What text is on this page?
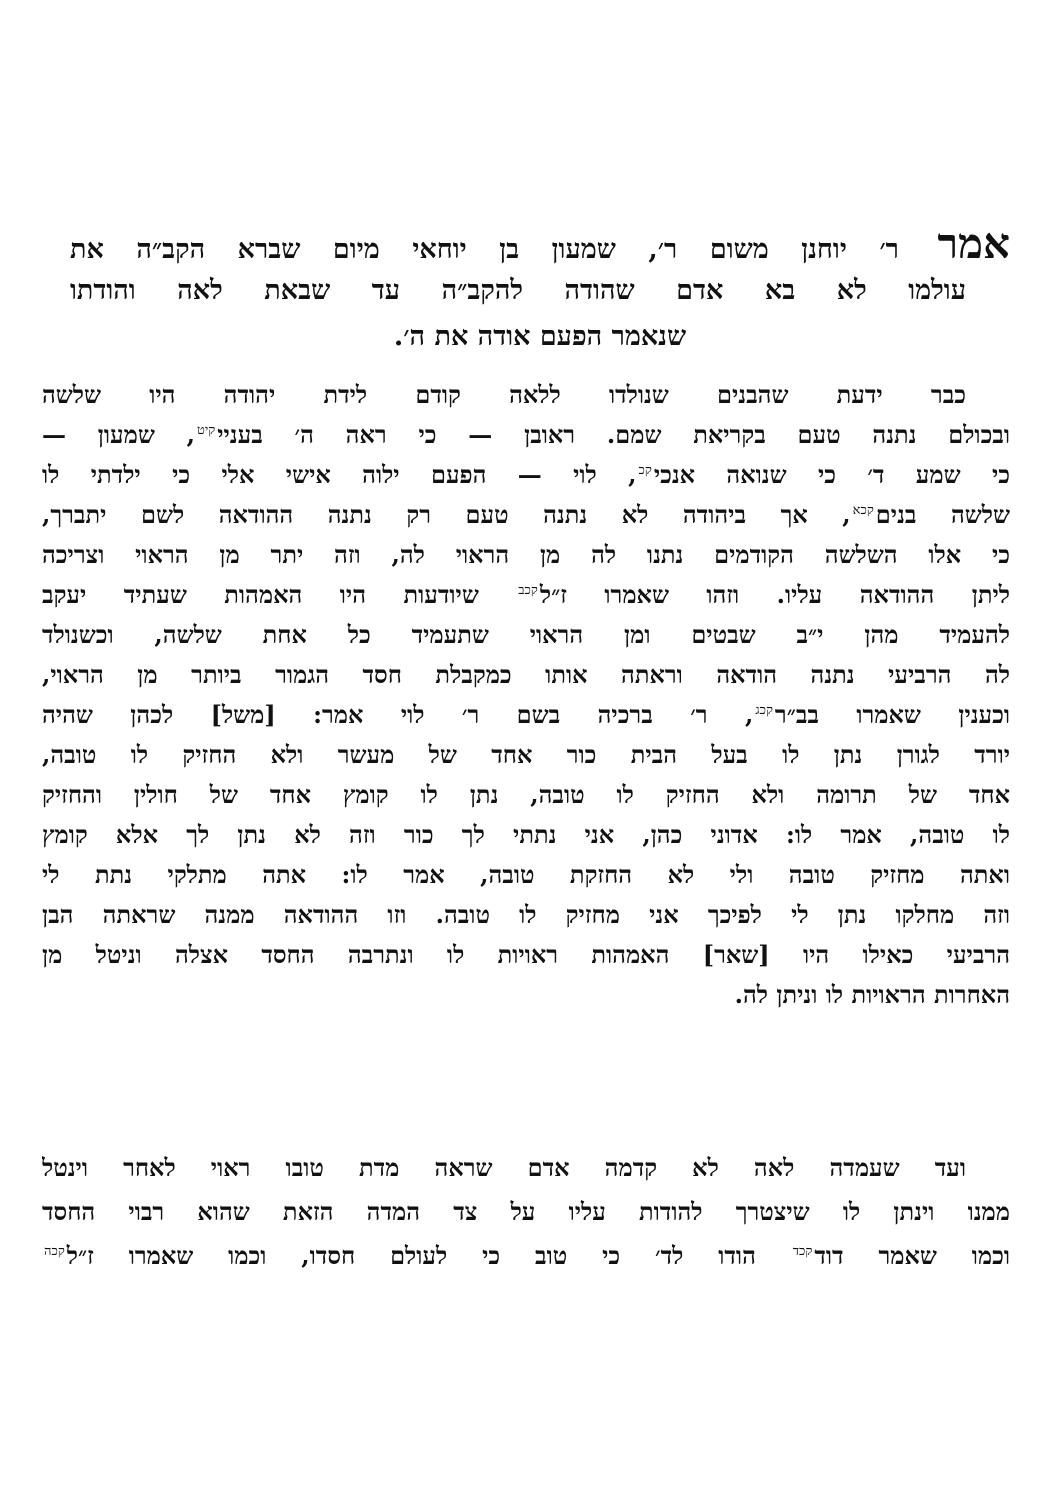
אמר ר׳ יוחנן משום ר׳, שמעון בן יוחאי מיום שברא הקב״ה את
עולמו לא בא אדם שהודה להקב״ה עד שבאת לאה והודתו
שנאמר הפעם אודה את ה׳.
כבר ידעת שהבנים שנולדו ללאה קודם לידת יהודה היו שלשה
ובכולם נתנה טעם בקריאת שמם. ראובן — כי ראה ה׳ בעניי$^{קיט}$, שמעון —
כי שמע ד׳ כי שנואה אנכי$^{קכ}$, לוי — הפעם ילוה אישי אלי כי ילדתי לו
שלשה בנים$^{קכא}$, אך ביהודה לא נתנה טעם רק נתנה ההודאה לשם יתברך,
כי אלו השלשה הקודמים נתנו לה מן הראוי לה, וזה יתר מן הראוי וצריכה
ליתן ההודאה עליו. וזהו שאמרו ז״ל$^{קכב}$ שיודעות היו האמהות שעתיד יעקב
להעמיד מהן י״ב שבטים ומן הראוי שתעמיד כל אחת שלשה, וכשנולד
לה הרביעי נתנה הודאה וראתה אותו כמקבלת חסד הגמור ביותר מן הראוי,
וכענין שאמרו בב״ר$^{קכג}$, ר׳ ברכיה בשם ר׳ לוי אמר: [משל] לכהן שהיה
יורד לגורן נתן לו בעל הבית כור אחד של מעשר ולא החזיק לו טובה,
אחד של תרומה ולא החזיק לו טובה, נתן לו קומץ אחד של חולין והחזיק
לו טובה, אמר לו: אדוני כהן, אני נתתי לך כור וזה לא נתן לך אלא קומץ
ואתה מחזיק טובה ולי לא החזקת טובה, אמר לו: אתה מתלקי נתת לי
וזה מחלקו נתן לי לפיכך אני מחזיק לו טובה. וזו ההודאה ממנה שראתה הבן
הרביעי כאילו היו [שאר] האמהות ראויות לו ונתרבה החסד אצלה וניטל מן
האחרות הראויות לו וניתן לה.
ועד שעמדה לאה לא קדמה אדם שראה מדת טובו ראוי לאחר וינטל
ממנו וינתן לו שיצטרך להודות עליו על צד המדה הזאת שהוא רבוי החסד
וכמו שאמר דוד$^{קכד}$ הודו לד׳ כי טוב כי לעולם חסדו, וכמו שאמרו ז״ל$^{קכה}$
